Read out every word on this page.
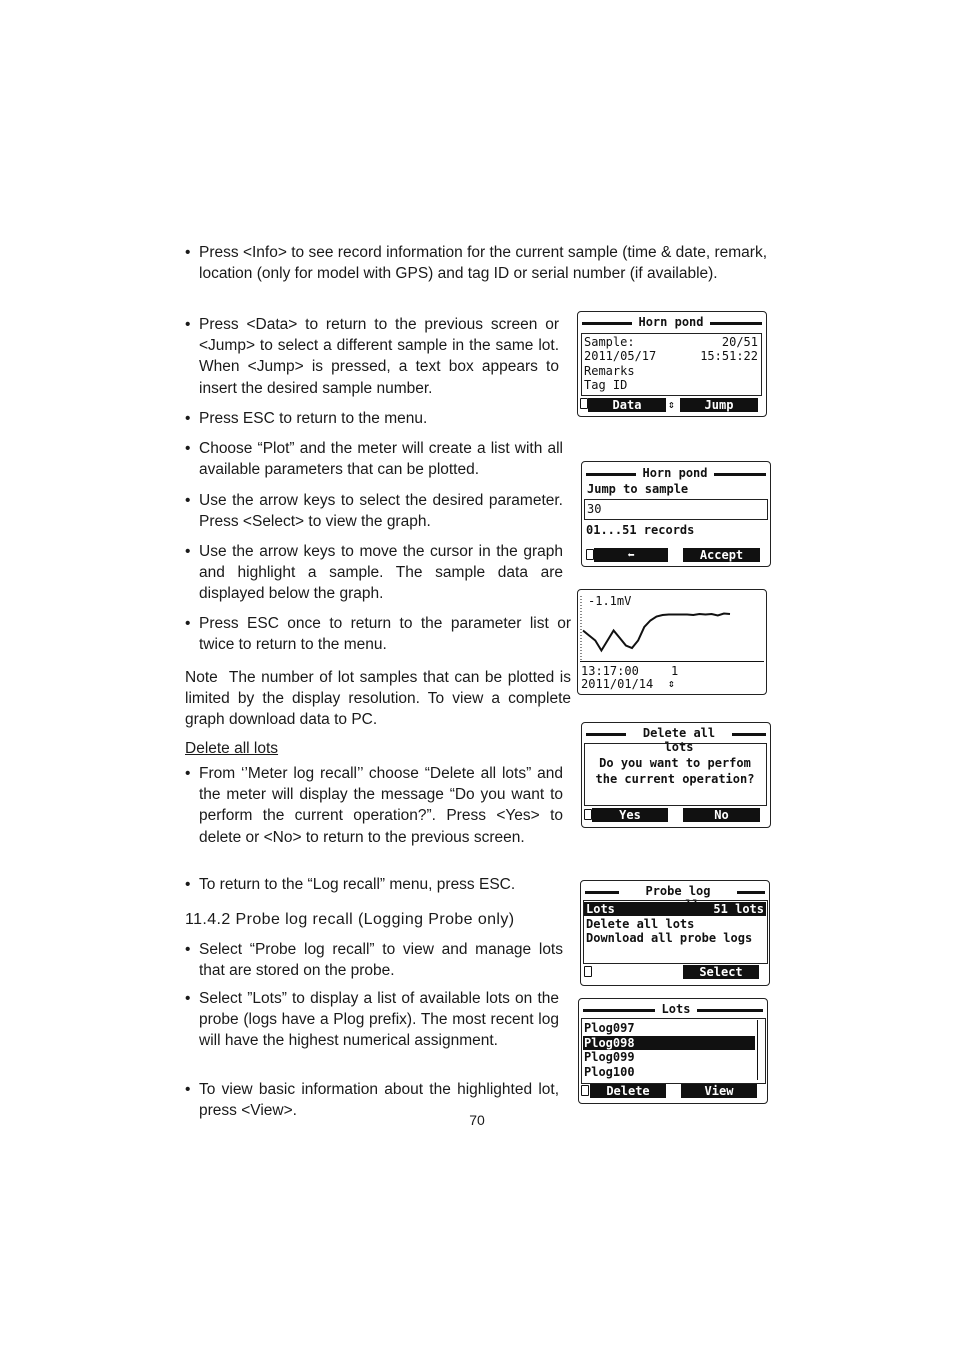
• Press <Info> to see record information for the current sample (time & date, remark, location (only for model with GPS) and tag ID or serial number (if available).
• Press <Data> to return to the previous screen or <Jump> to select a different sample in the same lot. When <Jump> is pressed, a text box appears to insert the desired sample number.
• Press ESC to return to the menu.
• Choose “Plot” and the meter will create a list with all available parameters that can be plotted.
• Use the arrow keys to select the desired parameter. Press <Select> to view the graph.
• Use the arrow keys to move the cursor in the graph and highlight a sample. The sample data are displayed below the graph.
• Press ESC once to return to the parameter list or twice to return to the menu.
Note The number of lot samples that can be plotted is limited by the display resolution. To view a complete graph download data to PC.
Delete all lots
• From ‘’Meter log recall’’ choose “Delete all lots” and the meter will display the message “Do you want to perform the current operation?”. Press <Yes> to delete or <No> to return to the previous screen.
• To return to the “Log recall” menu, press ESC.
11.4.2 Probe log recall (Logging Probe only)
• Select “Probe log recall” to view and manage lots that are stored on the probe.
• Select ”Lots” to display a list of available lots on the probe (logs have a Plog prefix). The most recent log will have the highest numerical assignment.
• To view basic information about the highlighted lot, press <View>.
70
Horn pond
Sample:	20/51
2011/05/17	15:51:22
Remarks
Tag ID
Data	⇕	Jump
Horn pond
Jump to sample
30
01...51 records
⬅	Accept
-1.1mV
13:17:00	1
2011/01/14 ⇕
Delete all lots
Do you want to perfom
the current operation?
Yes	No
Probe log
Lots	51 lots
Delete all lots
Download all probe logs
Select
Lots
Plog097
Plog098
Plog099
Plog100
Delete	View
